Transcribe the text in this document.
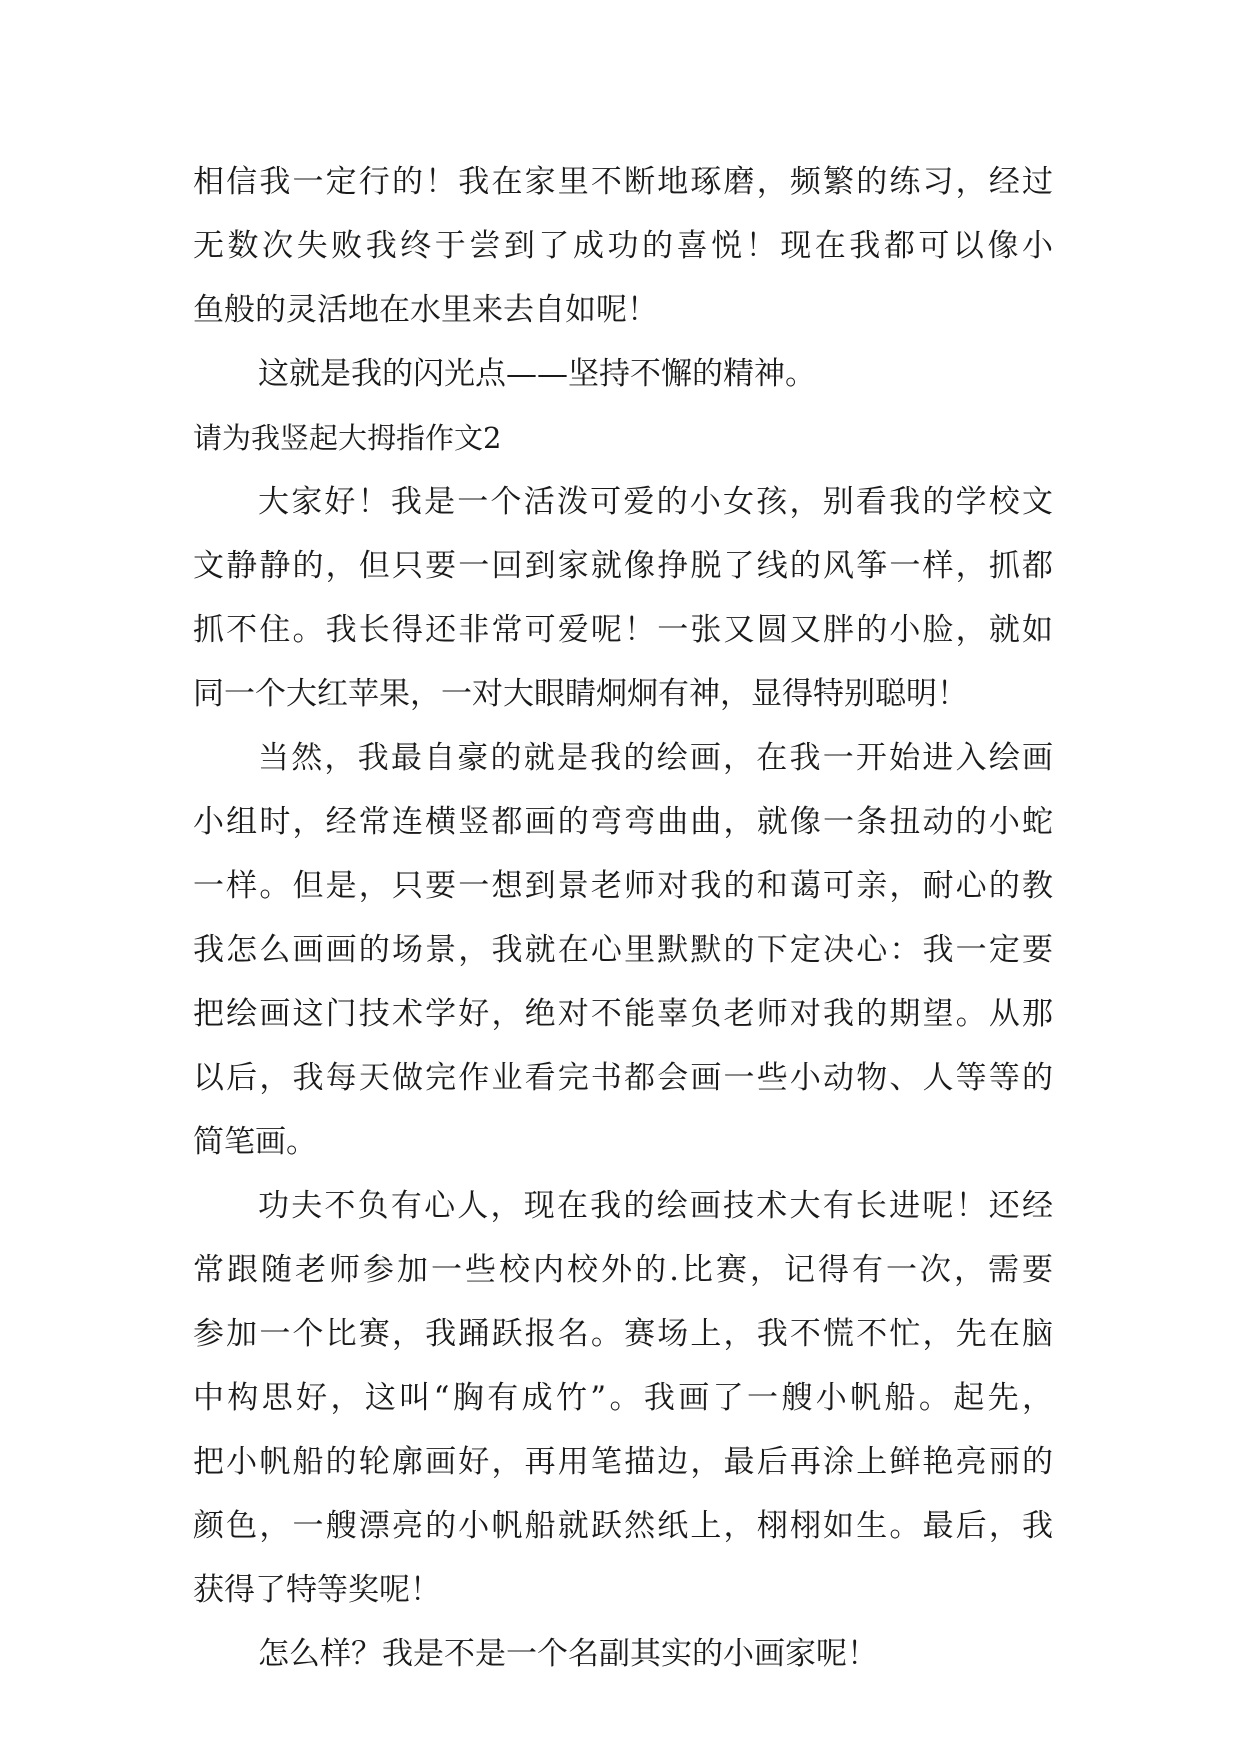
相信我一定行的！我在家里不断地琢磨，频繁的练习，经过
无数次失败我终于尝到了成功的喜悦！现在我都可以像小
鱼般的灵活地在水里来去自如呢！
这就是我的闪光点——坚持不懈的精神。
请为我竖起大拇指作文2
大家好！我是一个活泼可爱的小女孩，别看我的学校文
文静静的，但只要一回到家就像挣脱了线的风筝一样，抓都
抓不住。我长得还非常可爱呢！一张又圆又胖的小脸，就如
同一个大红苹果，一对大眼睛炯炯有神，显得特别聪明！
当然，我最自豪的就是我的绘画，在我一开始进入绘画
小组时，经常连横竖都画的弯弯曲曲，就像一条扭动的小蛇
一样。但是，只要一想到景老师对我的和蔼可亲，耐心的教
我怎么画画的场景，我就在心里默默的下定决心：我一定要
把绘画这门技术学好，绝对不能辜负老师对我的期望。从那
以后，我每天做完作业看完书都会画一些小动物、人等等的
简笔画。
功夫不负有心人，现在我的绘画技术大有长进呢！还经
常跟随老师参加一些校内校外的.比赛，记得有一次，需要
参加一个比赛，我踊跃报名。赛场上，我不慌不忙，先在脑
中构思好，这叫“胸有成竹”。我画了一艘小帆船。起先，
把小帆船的轮廓画好，再用笔描边，最后再涂上鲜艳亮丽的
颜色，一艘漂亮的小帆船就跃然纸上，栩栩如生。最后，我
获得了特等奖呢！
怎么样？我是不是一个名副其实的小画家呢！
